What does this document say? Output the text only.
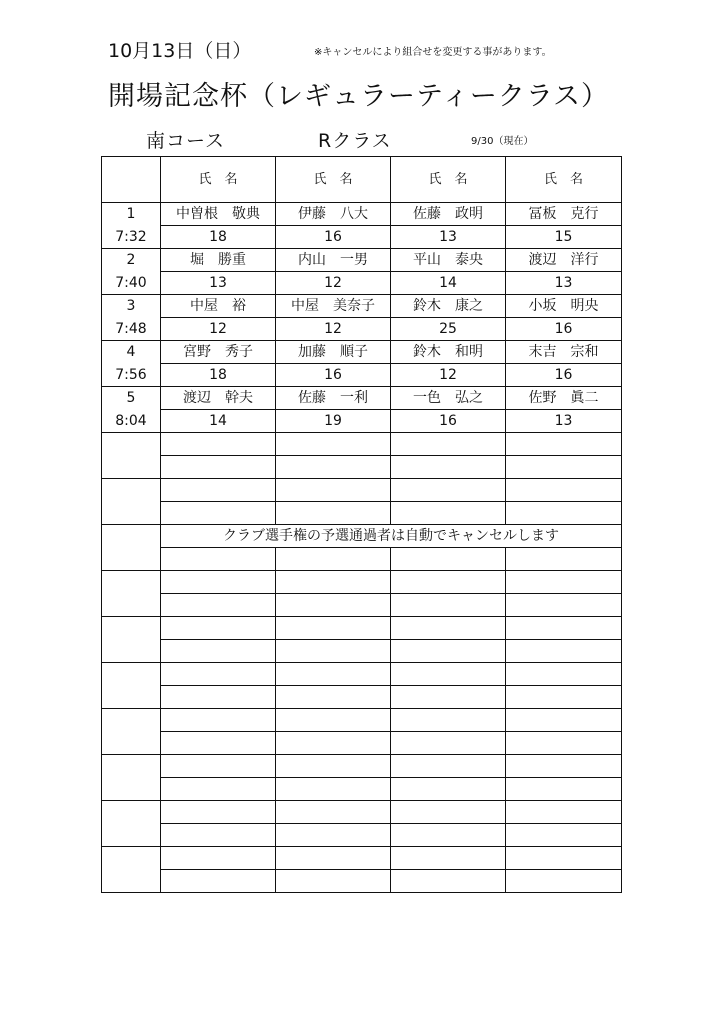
10月13日（日）	※キャンセルにより組合せを変更する事があります。
開場記念杯（レギュラーティークラス）
南コース	Rクラス	9/30（現在）
	氏　名	氏　名	氏　名	氏　名
1	中曽根　敬典	伊藤　八大	佐藤　政明	冨板　克行
7:32	18	16	13	15
2	堀　勝重	内山　一男	平山　泰央	渡辺　洋行
7:40	13	12	14	13
3	中屋　裕	中屋　美奈子	鈴木　康之	小坂　明央
7:48	12	12	25	16
4	宮野　秀子	加藤　順子	鈴木　和明	末吉　宗和
7:56	18	16	12	16
5	渡辺　幹夫	佐藤　一利	一色　弘之	佐野　眞二
8:04	14	19	16	13

	クラブ選手権の予選通過者は自動でキャンセルします			
